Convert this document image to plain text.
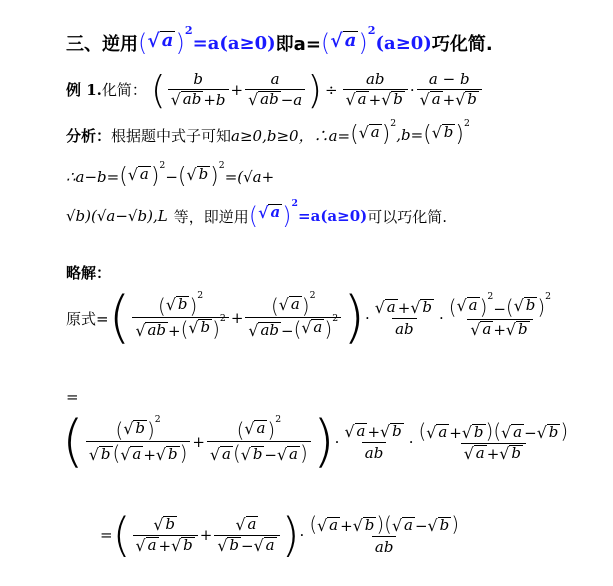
三、逆用 ( √ a ) 2
=a(a≥0) 即a= ( √ a ) 2
(a≥0) 巧化简.
例 1. 化简： ( $\frac{b}{√ ab +b} + \frac{a}{√ ab -a}$ ) ÷ $\frac{ab}{√ a + √ b} \cdot \frac{a - b}{√ a + √ b}$
分析： 根据题中式子可知 a≥0,b≥0，∴a= ( √ a ) 2
,b= ( √ b ) 2
∴a−b= ( √ a ) 2
− ( √ b ) 2
=(√a+
√b)(√a−√b),L 等，即逆用 ( √ a ) 2
=a(a≥0) 可以巧化简.
略解：
原式= ( $\frac{( √ b ) 2}{√ ab + ( √ b ) 2} + \frac{( √ a ) 2}{√ ab - ( √ a ) 2}$ ) · $\frac{√ a + √ b}{ab}$ · ( √ a ) 2
− ( √ b ) 2
√ a + √ b
=
( $\frac{( √ b ) 2}{√ b ( √ a + √ b )} + \frac{( √ a ) 2}{√ a ( √ b - √ a )}$ ) · $\frac{√ a + √ b}{ab} \cdot \frac{( √ a + √ b )( √ a - √ b )}{√ a + √ b}$
= ( $\frac{√ b}{√ a + √ b} + \frac{√ a}{√ b - √ a}$ ) · $\frac{( √ a + √ b )( √ a - √ b )}{ab}$
